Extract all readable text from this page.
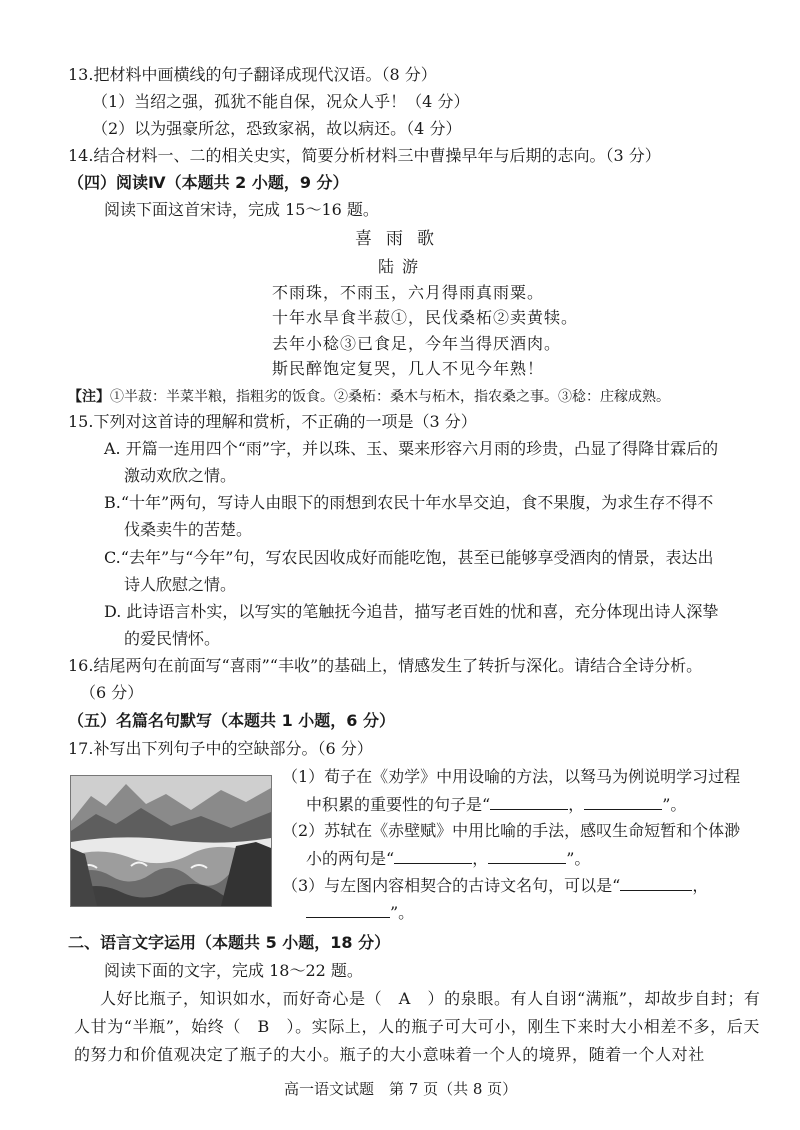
13.把材料中画横线的句子翻译成现代汉语。（8 分）
（1）当绍之强，孤犹不能自保，况众人乎！（4 分）
（2）以为强豪所忿，恐致家祸，故以病还。（4 分）
14.结合材料一、二的相关史实，简要分析材料三中曹操早年与后期的志向。（3 分）
（四）阅读Ⅳ（本题共 2 小题，9 分）
阅读下面这首宋诗，完成 15～16 题。
喜雨歌
陆游
不雨珠，不雨玉，六月得雨真雨粟。
十年水旱食半菽①，民伐桑柘②卖黄犊。
去年小稔③已食足，今年当得厌酒肉。
斯民醉饱定复哭，几人不见今年熟！
【注】①半菽：半菜半粮，指粗劣的饭食。②桑柘：桑木与柘木，指农桑之事。③稔：庄稼成熟。
15.下列对这首诗的理解和赏析，不正确的一项是（3 分）
A. 开篇一连用四个“雨”字，并以珠、玉、粟来形容六月雨的珍贵，凸显了得降甘霖后的
激动欢欣之情。
B.“十年”两句，写诗人由眼下的雨想到农民十年水旱交迫，食不果腹，为求生存不得不
伐桑卖牛的苦楚。
C.“去年”与“今年”句，写农民因收成好而能吃饱，甚至已能够享受酒肉的情景，表达出
诗人欣慰之情。
D. 此诗语言朴实，以写实的笔触抚今追昔，描写老百姓的忧和喜，充分体现出诗人深挚
的爱民情怀。
16.结尾两句在前面写“喜雨”“丰收”的基础上，情感发生了转折与深化。请结合全诗分析。
（6 分）
（五）名篇名句默写（本题共 1 小题，6 分）
17.补写出下列句子中的空缺部分。（6 分）
（1）荀子在《劝学》中用设喻的方法，以驽马为例说明学习过程
中积累的重要性的句子是“	，	”。
（2）苏轼在《赤壁赋》中用比喻的手法，感叹生命短暂和个体渺
小的两句是“	，	”。
（3）与左图内容相契合的古诗文名句，可以是“	，
”。
二、语言文字运用（本题共 5 小题，18 分）
阅读下面的文字，完成 18～22 题。
人好比瓶子，知识如水，而好奇心是（　A　）的泉眼。有人自诩“满瓶”，却故步自封；有
人甘为“半瓶”，始终（　B　）。实际上，人的瓶子可大可小，刚生下来时大小相差不多，后天
的努力和价值观决定了瓶子的大小。瓶子的大小意味着一个人的境界，随着一个人对社
高一语文试题　第 7 页（共 8 页）
